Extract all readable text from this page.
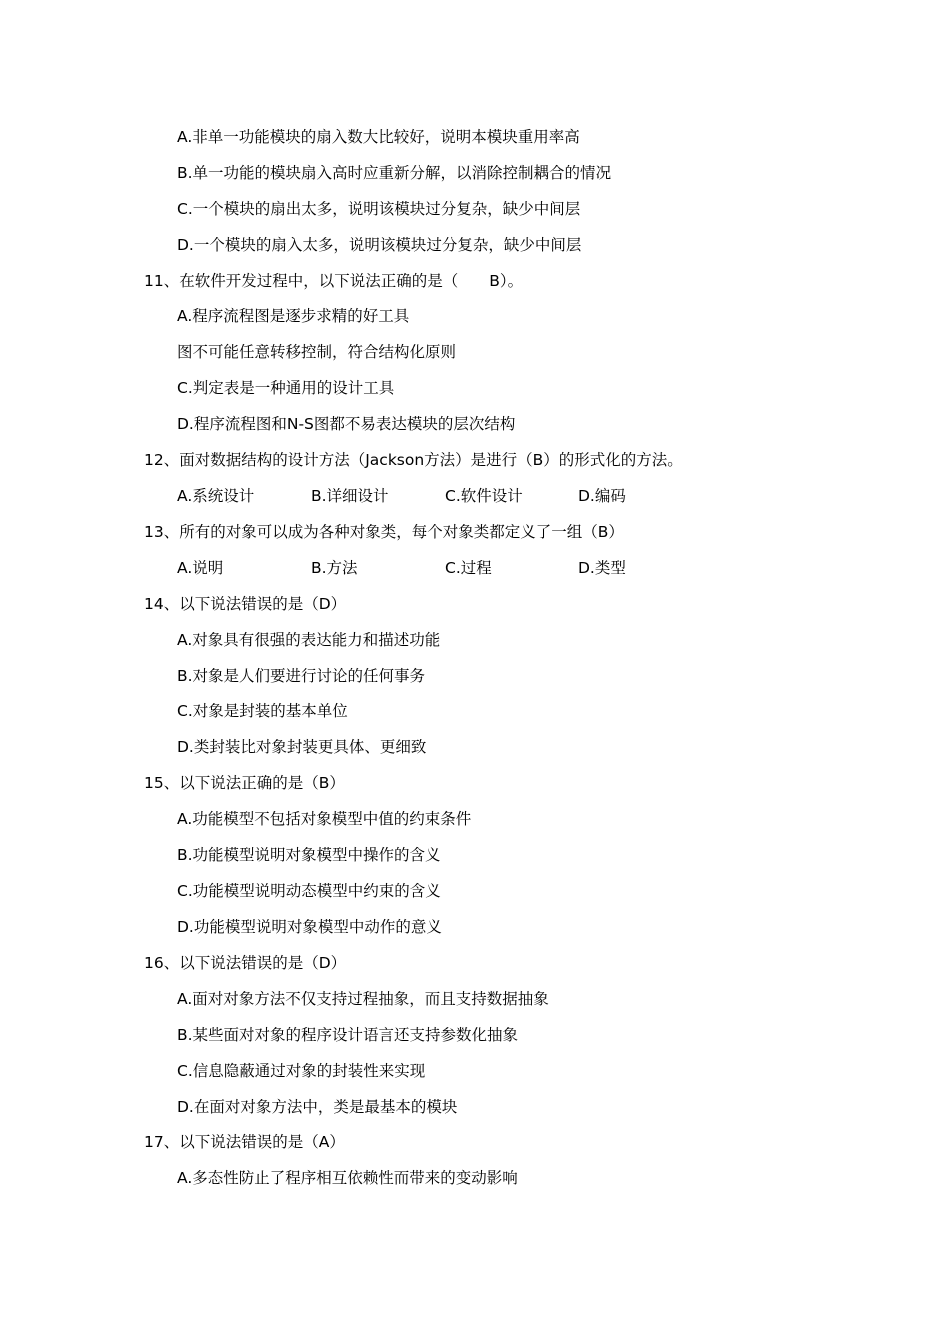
A.非单一功能模块的扇入数大比较好，说明本模块重用率高
B.单一功能的模块扇入高时应重新分解，以消除控制耦合的情况
C.一个模块的扇出太多，说明该模块过分复杂，缺少中间层
D.一个模块的扇入太多，说明该模块过分复杂，缺少中间层
11、在软件开发过程中，以下说法正确的是（　　B）。
A.程序流程图是逐步求精的好工具
图不可能任意转移控制，符合结构化原则
C.判定表是一种通用的设计工具
D.程序流程图和N-S图都不易表达模块的层次结构
12、面对数据结构的设计方法（Jackson方法）是进行（B）的形式化的方法。
A.系统设计	B.详细设计	C.软件设计	D.编码
13、所有的对象可以成为各种对象类，每个对象类都定义了一组（B）
A.说明	B.方法	C.过程	D.类型
14、以下说法错误的是（D）
A.对象具有很强的表达能力和描述功能
B.对象是人们要进行讨论的任何事务
C.对象是封装的基本单位
D.类封装比对象封装更具体、更细致
15、以下说法正确的是（B）
A.功能模型不包括对象模型中值的约束条件
B.功能模型说明对象模型中操作的含义
C.功能模型说明动态模型中约束的含义
D.功能模型说明对象模型中动作的意义
16、以下说法错误的是（D）
A.面对对象方法不仅支持过程抽象，而且支持数据抽象
B.某些面对对象的程序设计语言还支持参数化抽象
C.信息隐蔽通过对象的封装性来实现
D.在面对对象方法中，类是最基本的模块
17、以下说法错误的是（A）
A.多态性防止了程序相互依赖性而带来的变动影响
